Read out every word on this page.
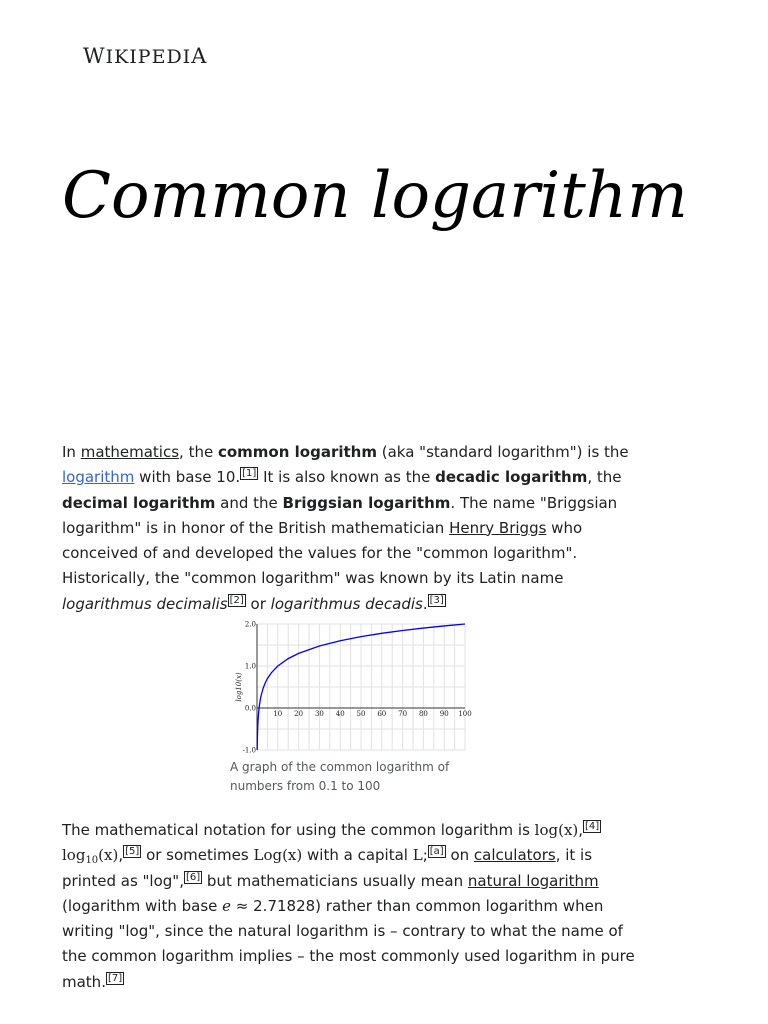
WIKIPEDIA
Common logarithm

In mathematics, the common logarithm (aka "standard logarithm") is the logarithm with base 10. [1] It is also known as the decadic logarithm, the decimal logarithm and the Briggsian logarithm. The name "Briggsian logarithm" is in honor of the British mathematician Henry Briggs who conceived of and developed the values for the "common logarithm". Historically, the "common logarithm" was known by its Latin name logarithmus decimalis [2] or logarithmus decadis. [3]

10 20 30 40 50 60 70 80 90 100
2.0
1.0
0.0
-1.0
log10(x)
A graph of the common logarithm of numbers from 0.1 to 100

The mathematical notation for using the common logarithm is log(x), [4] $\log_{10}(x)$, [5] or sometimes Log(x) with a capital L; [a] on calculators, it is printed as "log", [6] but mathematicians usually mean natural logarithm (logarithm with base e ≈ 2.71828) rather than common logarithm when writing "log", since the natural logarithm is – contrary to what the name of the common logarithm implies – the most commonly used logarithm in pure math. [7]
